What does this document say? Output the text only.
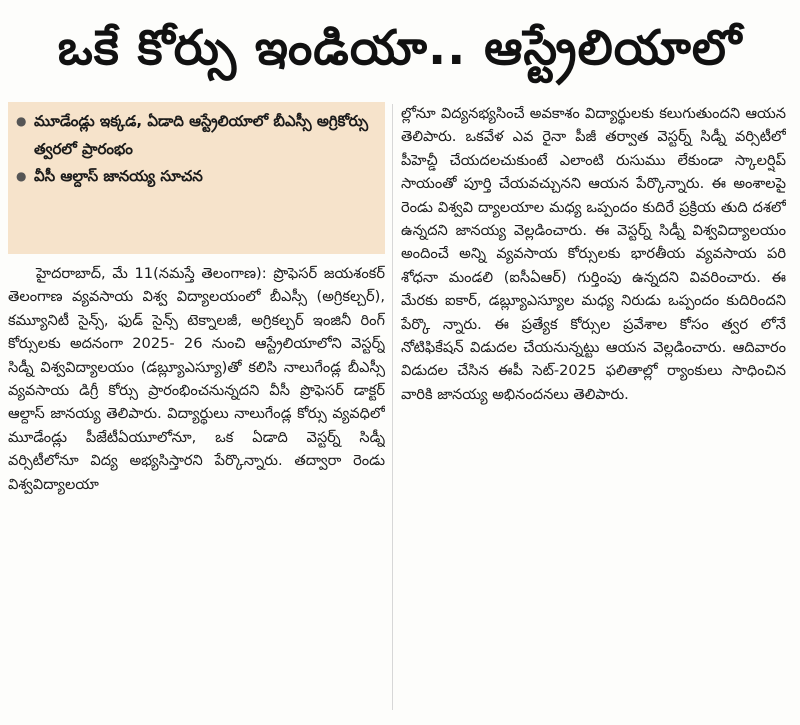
ఒకే కోర్సు ఇండియా.. ఆస్ట్రేలియాలో
● మూడేండ్లు ఇక్కడ, ఏడాది ఆస్ట్రేలియాలో బీఎస్సీ అగ్రికోర్సు త్వరలో ప్రారంభం
● వీసీ ఆల్దాస్ జానయ్య సూచన

హైదరాబాద్, మే 11(నమస్తే తెలంగాణ): ప్రొఫెసర్ జయశంకర్ తెలంగాణ వ్యవసాయ విశ్వ విద్యాలయంలో బీఎస్సీ (అగ్రికల్చర్), కమ్యూనిటీ సైన్స్, ఫుడ్ సైన్స్ టెక్నాలజీ, అగ్రికల్చర్ ఇంజినీ రింగ్ కోర్సులకు అదనంగా 2025- 26 నుంచి ఆస్ట్రేలియాలోని వెస్టర్న్ సిడ్నీ విశ్వవిద్యాలయం (డబ్ల్యూఎస్యూ)తో కలిసి నాలుగేండ్ల బీఎస్సీ వ్యవసాయ డిగ్రీ కోర్సు ప్రారంభించనున్నదని వీసీ ప్రొఫెసర్ డాక్టర్ ఆల్దాస్ జానయ్య తెలిపారు. విద్యార్థులు నాలుగేండ్ల కోర్సు వ్యవధిలో మూడేండ్లు పీజేటీఏయూలోనూ, ఒక ఏడాది వెస్టర్న్ సిడ్నీ వర్సిటీలోనూ విద్య అభ్యసిస్తారని పేర్కొన్నారు. తద్వారా రెండు విశ్వవిద్యాలయా

ల్లోనూ విద్యనభ్యసించే అవకాశం విద్యార్థులకు కలుగుతుందని ఆయన తెలిపారు. ఒకవేళ ఎవ రైనా పీజీ తర్వాత వెస్టర్న్ సిడ్నీ వర్సిటీలో పీహెచ్డీ చేయదలచుకుంటే ఎలాంటి రుసుము లేకుండా స్కాలర్షిప్ సాయంతో పూర్తి చేయవచ్చునని ఆయన పేర్కొన్నారు. ఈ అంశాలపై రెండు విశ్వవి ద్యాలయాల మధ్య ఒప్పందం కుదిరే ప్రక్రియ తుది దశలో ఉన్నదని జానయ్య వెల్లడించారు. ఈ వెస్టర్న్ సిడ్నీ విశ్వవిద్యాలయం అందించే అన్ని వ్యవసాయ కోర్సులకు భారతీయ వ్యవసాయ పరి శోధనా మండలి (ఐసీఏఆర్) గుర్తింపు ఉన్నదని వివరించారు. ఈ మేరకు ఐకార్, డబ్ల్యూఎస్యూల మధ్య నిరుడు ఒప్పందం కుదిరిందని పేర్కొ న్నారు. ఈ ప్రత్యేక కోర్సుల ప్రవేశాల కోసం త్వర లోనే నోటిఫికేషన్ విడుదల చేయనున్నట్టు ఆయన వెల్లడించారు. ఆదివారం విడుదల చేసిన ఈపీ సెట్-2025 ఫలితాల్లో ర్యాంకులు సాధించిన వారికి జానయ్య అభినందనలు తెలిపారు.
